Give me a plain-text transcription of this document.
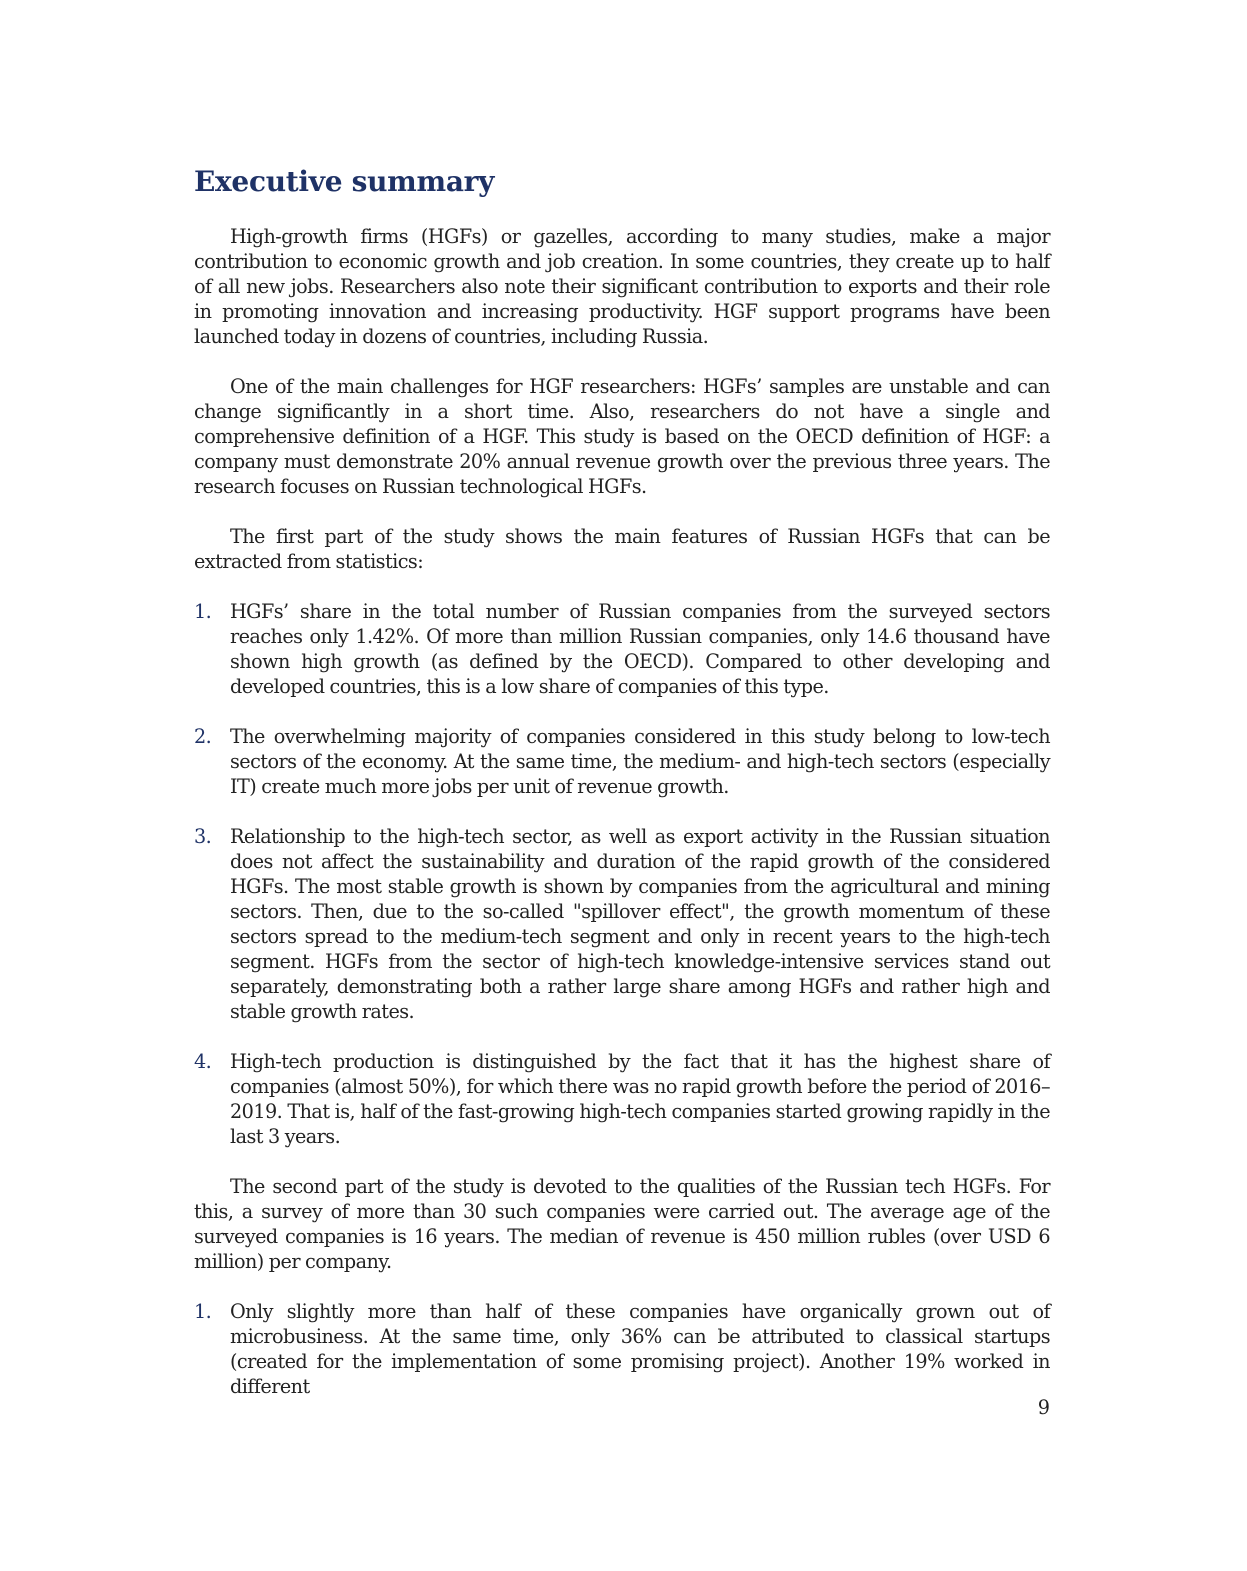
Executive summary

High-growth firms (HGFs) or gazelles, according to many studies, make a major contribution to economic growth and job creation. In some countries, they create up to half of all new jobs. Researchers also note their significant contribution to exports and their role in promoting innovation and increasing productivity. HGF support programs have been launched today in dozens of countries, including Russia.

One of the main challenges for HGF researchers: HGFs’ samples are unstable and can change significantly in a short time. Also, researchers do not have a single and comprehensive definition of a HGF. This study is based on the OECD definition of HGF: a company must demonstrate 20% annual revenue growth over the previous three years. The research focuses on Russian technological HGFs.

The first part of the study shows the main features of Russian HGFs that can be extracted from statistics:

1. HGFs’ share in the total number of Russian companies from the surveyed sectors reaches only 1.42%. Of more than million Russian companies, only 14.6 thousand have shown high growth (as defined by the OECD). Compared to other developing and developed countries, this is a low share of companies of this type.
2. The overwhelming majority of companies considered in this study belong to low-tech sectors of the economy. At the same time, the medium- and high-tech sectors (especially IT) create much more jobs per unit of revenue growth.
3. Relationship to the high-tech sector, as well as export activity in the Russian situation does not affect the sustainability and duration of the rapid growth of the considered HGFs. The most stable growth is shown by companies from the agricultural and mining sectors. Then, due to the so-called "spillover effect", the growth momentum of these sectors spread to the medium-tech segment and only in recent years to the high-tech segment. HGFs from the sector of high-tech knowledge-intensive services stand out separately, demonstrating both a rather large share among HGFs and rather high and stable growth rates.
4. High-tech production is distinguished by the fact that it has the highest share of companies (almost 50%), for which there was no rapid growth before the period of 2016–2019. That is, half of the fast-growing high-tech companies started growing rapidly in the last 3 years.

The second part of the study is devoted to the qualities of the Russian tech HGFs. For this, a survey of more than 30 such companies were carried out. The average age of the surveyed companies is 16 years. The median of revenue is 450 million rubles (over USD 6 million) per company.

1. Only slightly more than half of these companies have organically grown out of microbusiness. At the same time, only 36% can be attributed to classical startups (created for the implementation of some promising project). Another 19% worked in different
9
